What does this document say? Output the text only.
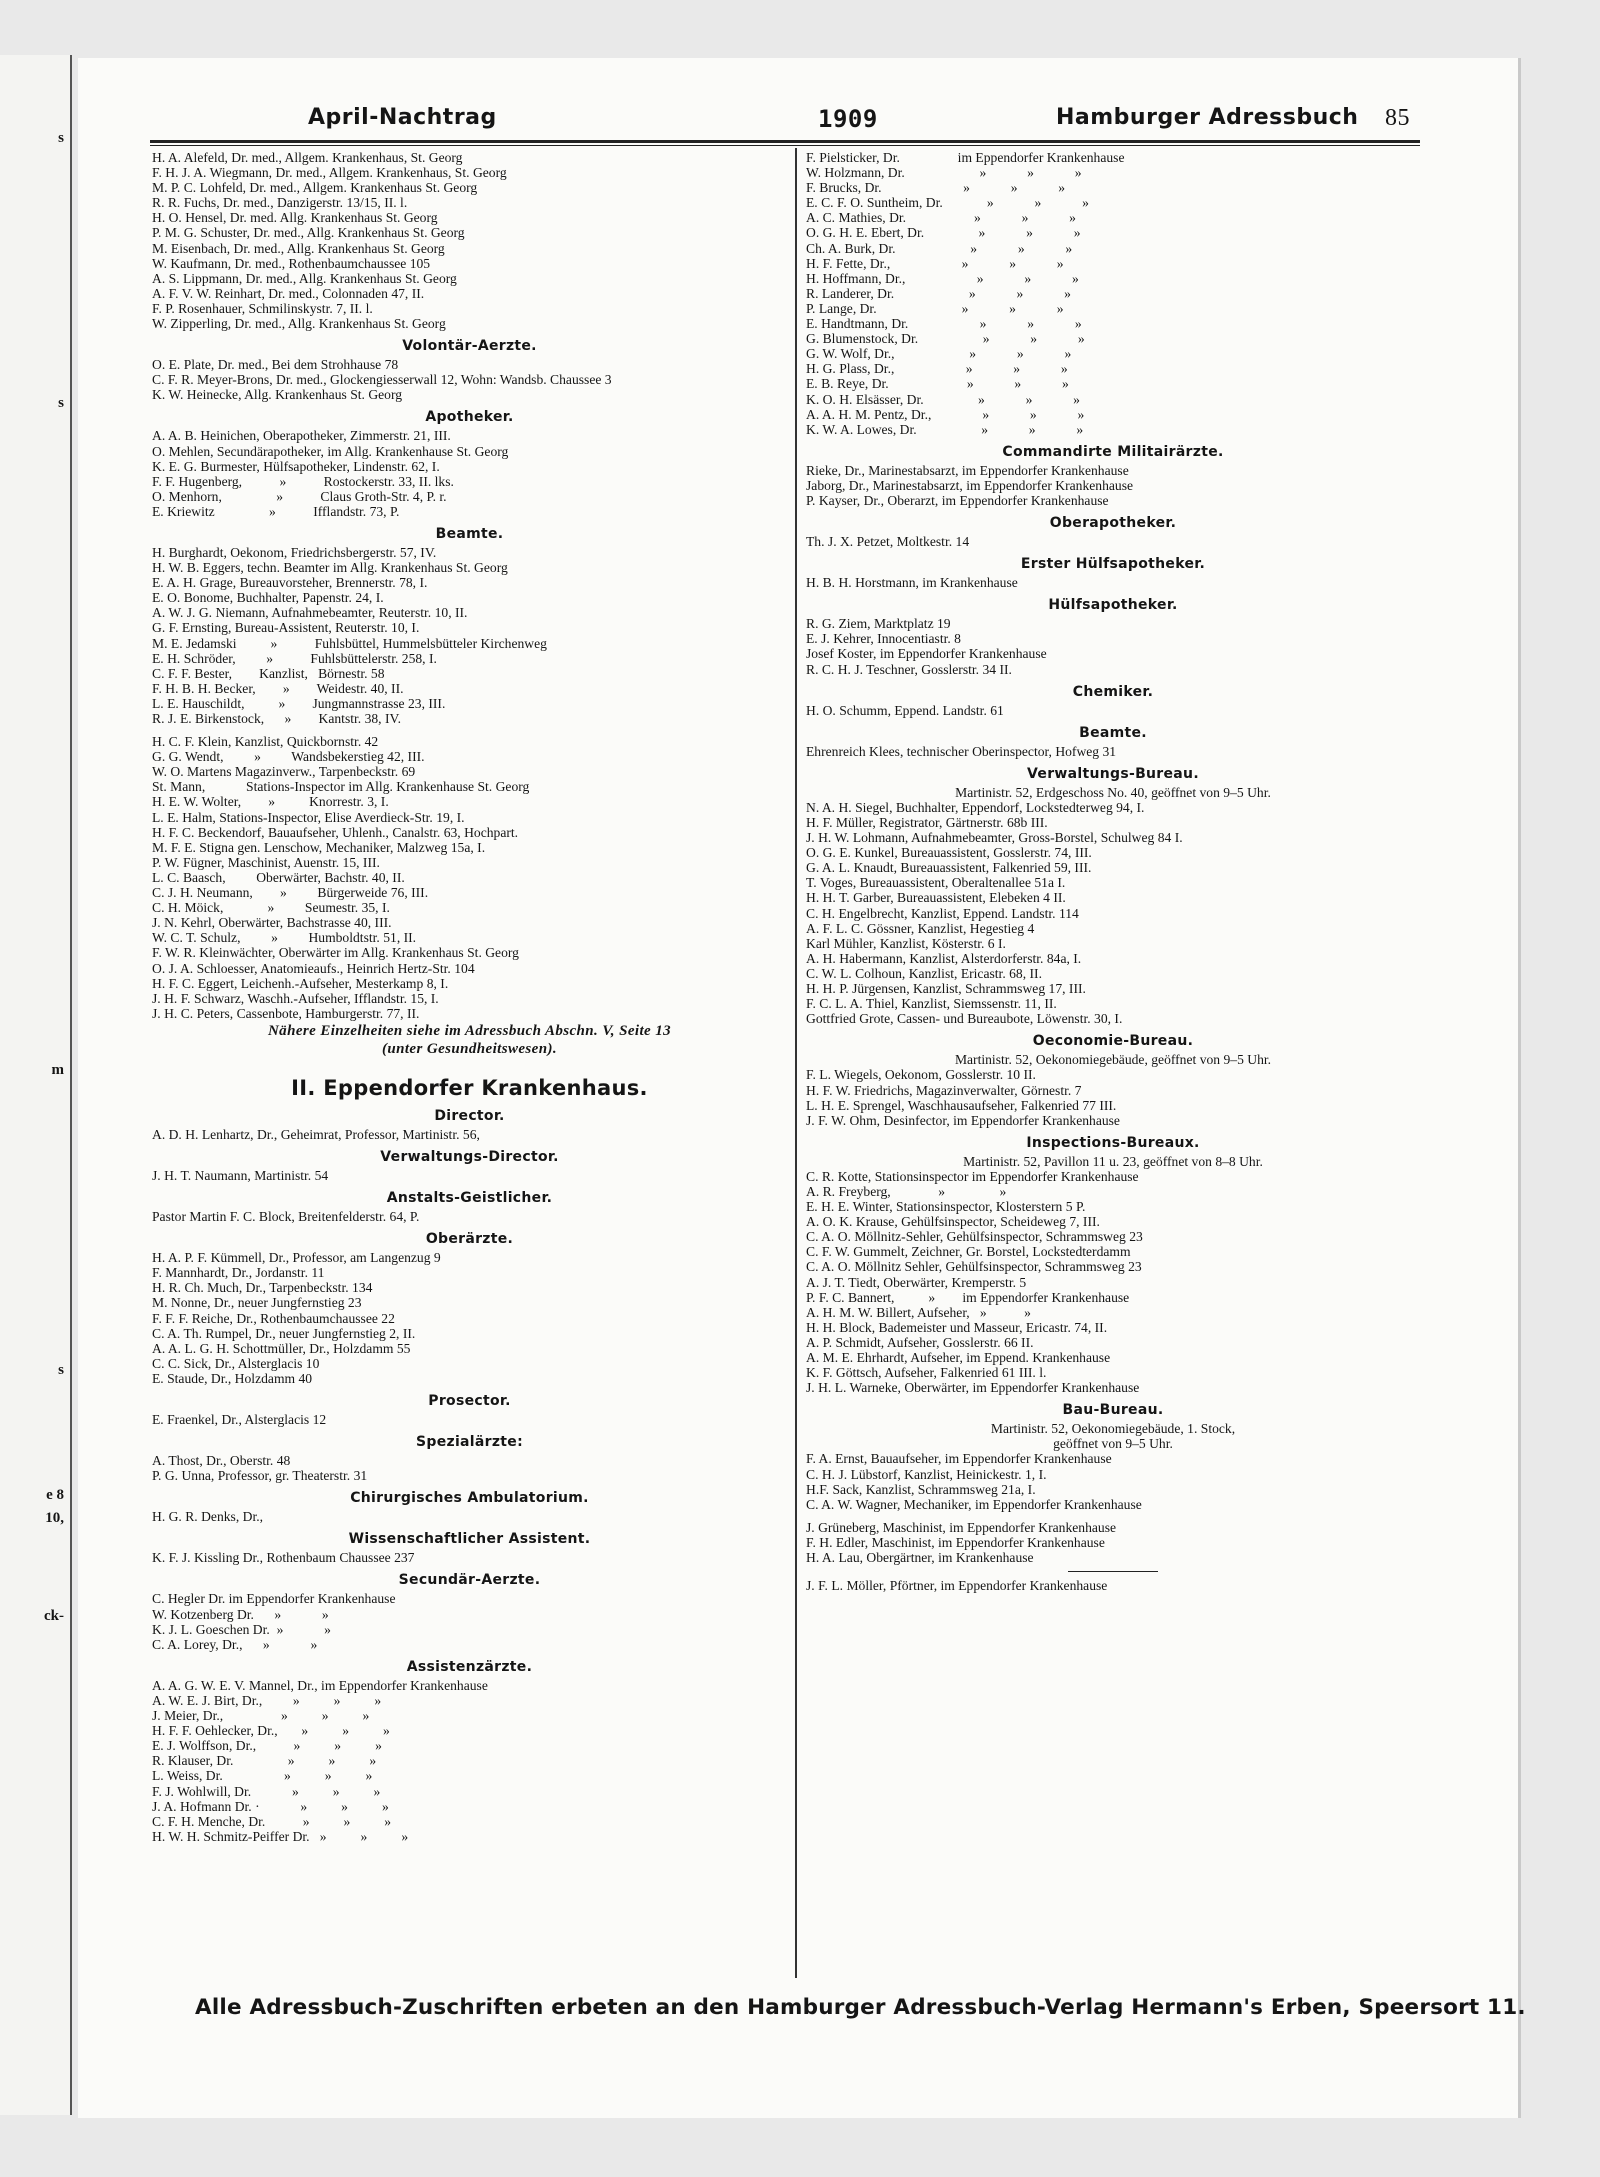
s
s
m
s
e 8
10,
ck-
April-Nachtrag	1909	Hamburger Adressbuch 85
H. A. Alefeld, Dr. med., Allgem. Krankenhaus, St. Georg
F. H. J. A. Wiegmann, Dr. med., Allgem. Krankenhaus, St. Georg
M. P. C. Lohfeld, Dr. med., Allgem. Krankenhaus St. Georg
R. R. Fuchs, Dr. med., Danzigerstr. 13/15, II. l.
H. O. Hensel, Dr. med. Allg. Krankenhaus St. Georg
P. M. G. Schuster, Dr. med., Allg. Krankenhaus St. Georg
M. Eisenbach, Dr. med., Allg. Krankenhaus St. Georg
W. Kaufmann, Dr. med., Rothenbaumchaussee 105
A. S. Lippmann, Dr. med., Allg. Krankenhaus St. Georg
A. F. V. W. Reinhart, Dr. med., Colonnaden 47, II.
F. P. Rosenhauer, Schmilinskystr. 7, II. l.
W. Zipperling, Dr. med., Allg. Krankenhaus St. Georg
Volontär-Aerzte.
O. E. Plate, Dr. med., Bei dem Strohhause 78
C. F. R. Meyer-Brons, Dr. med., Glockengiesserwall 12, Wohn: Wandsb. Chaussee 3
K. W. Heinecke, Allg. Krankenhaus St. Georg
Apotheker.
A. A. B. Heinichen, Oberapotheker, Zimmerstr. 21, III.
O. Mehlen, Secundärapotheker, im Allg. Krankenhause St. Georg
K. E. G. Burmester, Hülfsapotheker, Lindenstr. 62, I.
F. F. Hugenberg,           »           Rostockerstr. 33, II. lks.
O. Menhorn,                »           Claus Groth-Str. 4, P. r.
E. Kriewitz                »           Ifflandstr. 73, P.
Beamte.
H. Burghardt, Oekonom, Friedrichsbergerstr. 57, IV.
H. W. B. Eggers, techn. Beamter im Allg. Krankenhaus St. Georg
E. A. H. Grage, Bureauvorsteher, Brennerstr. 78, I.
E. O. Bonome, Buchhalter, Papenstr. 24, I.
A. W. J. G. Niemann, Aufnahmebeamter, Reuterstr. 10, II.
G. F. Ernsting, Bureau-Assistent, Reuterstr. 10, I.
M. E. Jedamski          »           Fuhlsbüttel, Hummelsbütteler Kirchenweg
E. H. Schröder,         »           Fuhlsbüttelerstr. 258, I.
C. F. F. Bester,        Kanzlist,   Börnestr. 58
F. H. B. H. Becker,        »        Weidestr. 40, II.
L. E. Hauschildt,          »        Jungmannstrasse 23, III.
R. J. E. Birkenstock,      »        Kantstr. 38, IV.
H. C. F. Klein, Kanzlist, Quickbornstr. 42
G. G. Wendt,         »         Wandsbekerstieg 42, III.
W. O. Martens Magazinverw., Tarpenbeckstr. 69
St. Mann,            Stations-Inspector im Allg. Krankenhause St. Georg
H. E. W. Wolter,        »          Knorrestr. 3, I.
L. E. Halm, Stations-Inspector, Elise Averdieck-Str. 19, I.
H. F. C. Beckendorf, Bauaufseher, Uhlenh., Canalstr. 63, Hochpart.
M. F. E. Stigna gen. Lenschow, Mechaniker, Malzweg 15a, I.
P. W. Fügner, Maschinist, Auenstr. 15, III.
L. C. Baasch,         Oberwärter, Bachstr. 40, II.
C. J. H. Neumann,        »         Bürgerweide 76, III.
C. H. Möick,             »         Seumestr. 35, I.
J. N. Kehrl, Oberwärter, Bachstrasse 40, III.
W. C. T. Schulz,         »         Humboldtstr. 51, II.
F. W. R. Kleinwächter, Oberwärter im Allg. Krankenhaus St. Georg
O. J. A. Schloesser, Anatomieaufs., Heinrich Hertz-Str. 104
H. F. C. Eggert, Leichenh.-Aufseher, Mesterkamp 8, I.
J. H. F. Schwarz, Waschh.-Aufseher, Ifflandstr. 15, I.
J. H. C. Peters, Cassenbote, Hamburgerstr. 77, II.
Nähere Einzelheiten siehe im Adressbuch Abschn. V, Seite 13
(unter Gesundheitswesen).
II. Eppendorfer Krankenhaus.
Director.
A. D. H. Lenhartz, Dr., Geheimrat, Professor, Martinistr. 56,
Verwaltungs-Director.
J. H. T. Naumann, Martinistr. 54
Anstalts-Geistlicher.
Pastor Martin F. C. Block, Breitenfelderstr. 64, P.
Oberärzte.
H. A. P. F. Kümmell, Dr., Professor, am Langenzug 9
F. Mannhardt, Dr., Jordanstr. 11
H. R. Ch. Much, Dr., Tarpenbeckstr. 134
M. Nonne, Dr., neuer Jungfernstieg 23
F. F. F. Reiche, Dr., Rothenbaumchaussee 22
C. A. Th. Rumpel, Dr., neuer Jungfernstieg 2, II.
A. A. L. G. H. Schottmüller, Dr., Holzdamm 55
C. C. Sick, Dr., Alsterglacis 10
E. Staude, Dr., Holzdamm 40
Prosector.
E. Fraenkel, Dr., Alsterglacis 12
Spezialärzte:
A. Thost, Dr., Oberstr. 48
P. G. Unna, Professor, gr. Theaterstr. 31
Chirurgisches Ambulatorium.
H. G. R. Denks, Dr.,
Wissenschaftlicher Assistent.
K. F. J. Kissling Dr., Rothenbaum Chaussee 237
Secundär-Aerzte.
C. Hegler Dr. im Eppendorfer Krankenhause
W. Kotzenberg Dr.      »            »
K. J. L. Goeschen Dr.  »            »
C. A. Lorey, Dr.,      »            »
Assistenzärzte.
A. A. G. W. E. V. Mannel, Dr., im Eppendorfer Krankenhause
A. W. E. J. Birt, Dr.,         »          »          »
J. Meier, Dr.,                 »          »          »
H. F. F. Oehlecker, Dr.,       »          »          »
E. J. Wolffson, Dr.,           »          »          »
R. Klauser, Dr.                »          »          »
L. Weiss, Dr.                  »          »          »
F. J. Wohlwill, Dr.            »          »          »
J. A. Hofmann Dr. ·            »          »          »
C. F. H. Menche, Dr.           »          »          »
H. W. H. Schmitz-Peiffer Dr.   »          »          »
F. Pielsticker, Dr.                 im Eppendorfer Krankenhause
W. Holzmann, Dr.                      »            »            »
F. Brucks, Dr.                        »            »            »
E. C. F. O. Suntheim, Dr.             »            »            »
A. C. Mathies, Dr.                    »            »            »
O. G. H. E. Ebert, Dr.                »            »            »
Ch. A. Burk, Dr.                      »            »            »
H. F. Fette, Dr.,                     »            »            »
H. Hoffmann, Dr.,                     »            »            »
R. Landerer, Dr.                      »            »            »
P. Lange, Dr.                         »            »            »
E. Handtmann, Dr.                     »            »            »
G. Blumenstock, Dr.                   »            »            »
G. W. Wolf, Dr.,                      »            »            »
H. G. Plass, Dr.,                     »            »            »
E. B. Reye, Dr.                       »            »            »
K. O. H. Elsässer, Dr.                »            »            »
A. A. H. M. Pentz, Dr.,               »            »            »
K. W. A. Lowes, Dr.                   »            »            »
Commandirte Militairärzte.
Rieke, Dr., Marinestabsarzt, im Eppendorfer Krankenhause
Jaborg, Dr., Marinestabsarzt, im Eppendorfer Krankenhause
P. Kayser, Dr., Oberarzt, im Eppendorfer Krankenhause
Oberapotheker.
Th. J. X. Petzet, Moltkestr. 14
Erster Hülfsapotheker.
H. B. H. Horstmann, im Krankenhause
Hülfsapotheker.
R. G. Ziem, Marktplatz 19
E. J. Kehrer, Innocentiastr. 8
Josef Koster, im Eppendorfer Krankenhause
R. C. H. J. Teschner, Gosslerstr. 34 II.
Chemiker.
H. O. Schumm, Eppend. Landstr. 61
Beamte.
Ehrenreich Klees, technischer Oberinspector, Hofweg 31
Verwaltungs-Bureau.
Martinistr. 52, Erdgeschoss No. 40, geöffnet von 9–5 Uhr.
N. A. H. Siegel, Buchhalter, Eppendorf, Lockstedterweg 94, I.
H. F. Müller, Registrator, Gärtnerstr. 68b III.
J. H. W. Lohmann, Aufnahmebeamter, Gross-Borstel, Schulweg 84 I.
O. G. E. Kunkel, Bureauassistent, Gosslerstr. 74, III.
G. A. L. Knaudt, Bureauassistent, Falkenried 59, III.
T. Voges, Bureauassistent, Oberaltenallee 51a I.
H. H. T. Garber, Bureauassistent, Elebeken 4 II.
C. H. Engelbrecht, Kanzlist, Eppend. Landstr. 114
A. F. L. C. Gössner, Kanzlist, Hegestieg 4
Karl Mühler, Kanzlist, Kösterstr. 6 I.
A. H. Habermann, Kanzlist, Alsterdorferstr. 84a, I.
C. W. L. Colhoun, Kanzlist, Ericastr. 68, II.
H. H. P. Jürgensen, Kanzlist, Schrammsweg 17, III.
F. C. L. A. Thiel, Kanzlist, Siemssenstr. 11, II.
Gottfried Grote, Cassen- und Bureaubote, Löwenstr. 30, I.
Oeconomie-Bureau.
Martinistr. 52, Oekonomiegebäude, geöffnet von 9–5 Uhr.
F. L. Wiegels, Oekonom, Gosslerstr. 10 II.
H. F. W. Friedrichs, Magazinverwalter, Görnestr. 7
L. H. E. Sprengel, Waschhausaufseher, Falkenried 77 III.
J. F. W. Ohm, Desinfector, im Eppendorfer Krankenhause
Inspections-Bureaux.
Martinistr. 52, Pavillon 11 u. 23, geöffnet von 8–8 Uhr.
C. R. Kotte, Stationsinspector im Eppendorfer Krankenhause
A. R. Freyberg,              »                »
E. H. E. Winter, Stationsinspector, Klosterstern 5 P.
A. O. K. Krause, Gehülfsinspector, Scheideweg 7, III.
C. A. O. Möllnitz-Sehler, Gehülfsinspector, Schrammsweg 23
C. F. W. Gummelt, Zeichner, Gr. Borstel, Lockstedterdamm
C. A. O. Möllnitz Sehler, Gehülfsinspector, Schrammsweg 23
A. J. T. Tiedt, Oberwärter, Kremperstr. 5
P. F. C. Bannert,          »        im Eppendorfer Krankenhause
A. H. M. W. Billert, Aufseher,   »           »
H. H. Block, Bademeister und Masseur, Ericastr. 74, II.
A. P. Schmidt, Aufseher, Gosslerstr. 66 II.
A. M. E. Ehrhardt, Aufseher, im Eppend. Krankenhause
K. F. Göttsch, Aufseher, Falkenried 61 III. l.
J. H. L. Warneke, Oberwärter, im Eppendorfer Krankenhause
Bau-Bureau.
Martinistr. 52, Oekonomiegebäude, 1. Stock,
geöffnet von 9–5 Uhr.
F. A. Ernst, Bauaufseher, im Eppendorfer Krankenhause
C. H. J. Lübstorf, Kanzlist, Heinickestr. 1, I.
H.F. Sack, Kanzlist, Schrammsweg 21a, I.
C. A. W. Wagner, Mechaniker, im Eppendorfer Krankenhause
J. Grüneberg, Maschinist, im Eppendorfer Krankenhause
F. H. Edler, Maschinist, im Eppendorfer Krankenhause
H. A. Lau, Obergärtner, im Krankenhause
J. F. L. Möller, Pförtner, im Eppendorfer Krankenhause
Alle Adressbuch-Zuschriften erbeten an den Hamburger Adressbuch-Verlag Hermann's Erben, Speersort 11.
